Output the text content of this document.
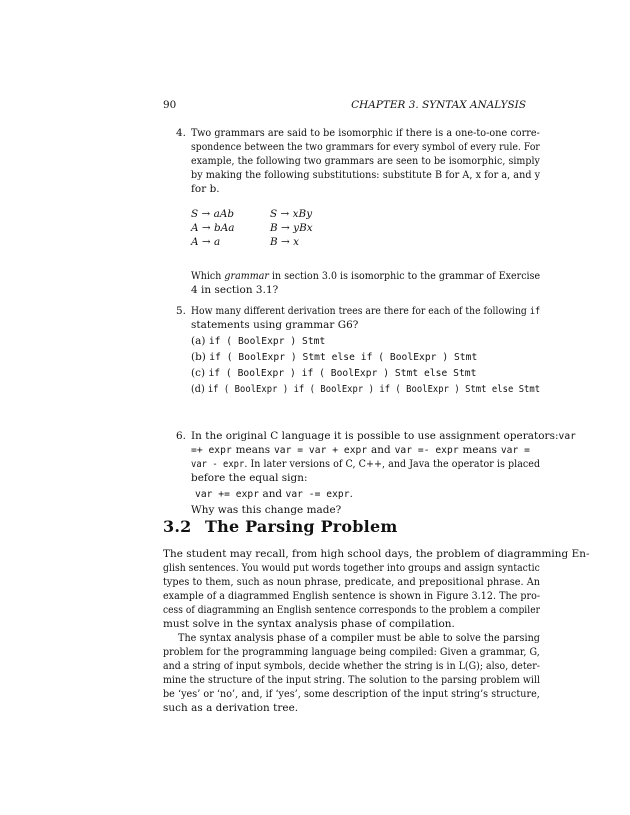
90	CHAPTER 3. SYNTAX ANALYSIS
4. Two grammars are said to be isomorphic if there is a one-to-one corre-
spondence between the two grammars for every symbol of every rule. For
example, the following two grammars are seen to be isomorphic, simply
by making the following substitutions: substitute B for A, x for a, and y
for b.
S → aAb
A → bAa
A → a
S → xBy
B → yBx
B → x
Which grammar in section 3.0 is isomorphic to the grammar of Exercise
4 in section 3.1?
5. How many different derivation trees are there for each of the following if
statements using grammar G6?
(a) if ( BoolExpr ) Stmt
(b) if ( BoolExpr ) Stmt else if ( BoolExpr ) Stmt
(c) if ( BoolExpr ) if ( BoolExpr ) Stmt else Stmt
(d) if ( BoolExpr ) if ( BoolExpr ) if ( BoolExpr ) Stmt else Stmt
6. In the original C language it is possible to use assignment operators: var
=+ expr means var = var + expr and var =- expr means var =
var - expr. In later versions of C, C++, and Java the operator is placed
before the equal sign:
var += expr and var -= expr.
Why was this change made?
3.2 The Parsing Problem
The student may recall, from high school days, the problem of diagramming En-
glish sentences. You would put words together into groups and assign syntactic
types to them, such as noun phrase, predicate, and prepositional phrase. An
example of a diagrammed English sentence is shown in Figure 3.12. The pro-
cess of diagramming an English sentence corresponds to the problem a compiler
must solve in the syntax analysis phase of compilation.
The syntax analysis phase of a compiler must be able to solve the parsing
problem for the programming language being compiled: Given a grammar, G,
and a string of input symbols, decide whether the string is in L(G); also, deter-
mine the structure of the input string. The solution to the parsing problem will
be ‘yes’ or ‘no’, and, if ‘yes’, some description of the input string’s structure,
such as a derivation tree.
